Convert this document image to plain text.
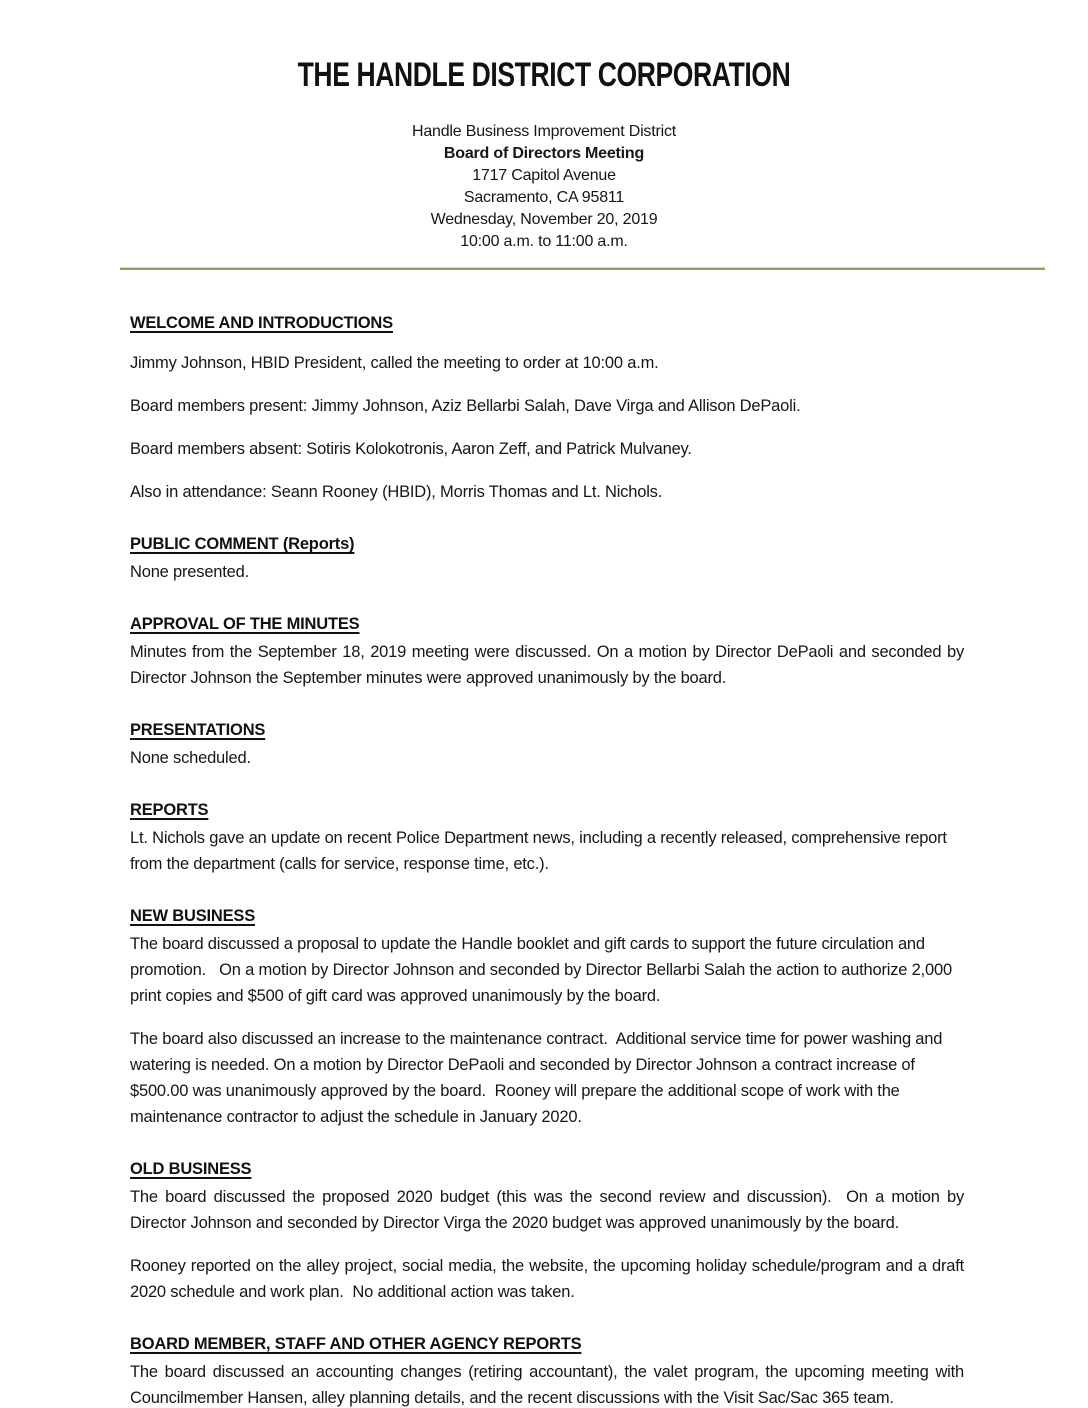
THE HANDLE DISTRICT CORPORATION
Handle Business Improvement District
Board of Directors Meeting
1717 Capitol Avenue
Sacramento, CA 95811
Wednesday, November 20, 2019
10:00 a.m. to 11:00 a.m.
WELCOME AND INTRODUCTIONS
Jimmy Johnson, HBID President, called the meeting to order at 10:00 a.m.
Board members present: Jimmy Johnson, Aziz Bellarbi Salah, Dave Virga and Allison DePaoli.
Board members absent: Sotiris Kolokotronis, Aaron Zeff, and Patrick Mulvaney.
Also in attendance: Seann Rooney (HBID), Morris Thomas and Lt. Nichols.
PUBLIC COMMENT (Reports)
None presented.
APPROVAL OF THE MINUTES
Minutes from the September 18, 2019 meeting were discussed. On a motion by Director DePaoli and seconded by Director Johnson the September minutes were approved unanimously by the board.
PRESENTATIONS
None scheduled.
REPORTS
Lt. Nichols gave an update on recent Police Department news, including a recently released, comprehensive report from the department (calls for service, response time, etc.).
NEW BUSINESS
The board discussed a proposal to update the Handle booklet and gift cards to support the future circulation and promotion.   On a motion by Director Johnson and seconded by Director Bellarbi Salah the action to authorize 2,000 print copies and $500 of gift card was approved unanimously by the board.
The board also discussed an increase to the maintenance contract.  Additional service time for power washing and watering is needed. On a motion by Director DePaoli and seconded by Director Johnson a contract increase of $500.00 was unanimously approved by the board.  Rooney will prepare the additional scope of work with the maintenance contractor to adjust the schedule in January 2020.
OLD BUSINESS
The board discussed the proposed 2020 budget (this was the second review and discussion).  On a motion by Director Johnson and seconded by Director Virga the 2020 budget was approved unanimously by the board.
Rooney reported on the alley project, social media, the website, the upcoming holiday schedule/program and a draft 2020 schedule and work plan.  No additional action was taken.
BOARD MEMBER, STAFF AND OTHER AGENCY REPORTS
The board discussed an accounting changes (retiring accountant), the valet program, the upcoming meeting with Councilmember Hansen, alley planning details, and the recent discussions with the Visit Sac/Sac 365 team.
